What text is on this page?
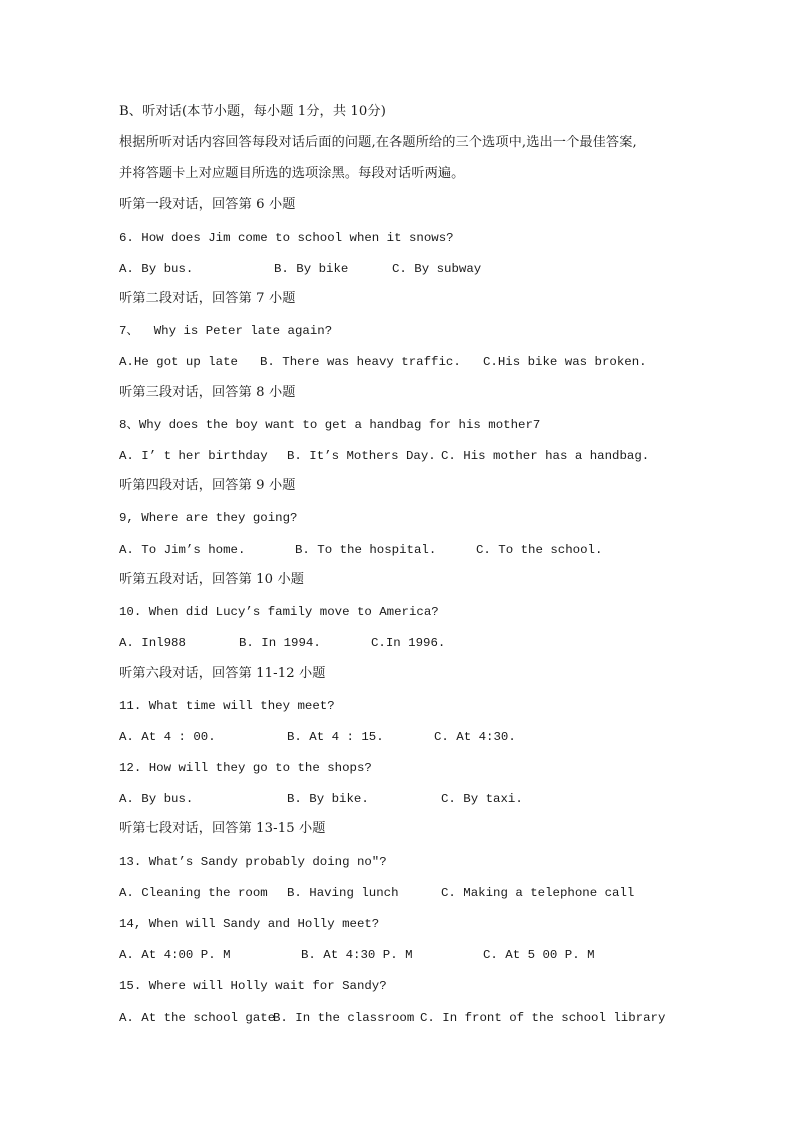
B、听对话(本节小题，每小题 1分，共 10分)
根据所听对话内容回答每段对话后面的问题,在各题所给的三个选项中,选出一个最佳答案,
并将答题卡上对应题目所选的选项涂黑。每段对话听两遍。
听第一段对话，回答第 6 小题
6. How does Jim come to school when it snows?
A. By bus.	B. By bike	C. By subway
听第二段对话，回答第 7 小题
7、  Why is Peter late again?
A.He got up late B. There was heavy traffic. C.His bike was broken.
听第三段对话，回答第 8 小题
8、Why does the boy want to get a handbag for his mother7
A. I’ t her birthday B. It’s Mothers Day. C. His mother has a handbag.
听第四段对话，回答第 9 小题
9, Where are they going?
A. To Jim’s home.	B. To the hospital.	C. To the school.
听第五段对话，回答第 10 小题
10. When did Lucy’s family move to America?
A. Inl988	B. In 1994.	C.In 1996.
听第六段对话，回答第 11-12 小题
11. What time will they meet?
A. At 4 : 00.	B. At 4 : 15.	C. At 4:30.
12. How will they go to the shops?
A. By bus.	B. By bike.	C. By taxi.
听第七段对话，回答第 13-15 小题
13. What’s Sandy probably doing no"?
A. Cleaning the room B. Having lunch	C. Making a telephone call
14, When will Sandy and Holly meet?
A. At 4:00 P. M	B. At 4:30 P. M	C. At 5 00 P. M
15. Where will Holly wait for Sandy?
A. At the school gate
B. In the classroom C. In front of the school library
